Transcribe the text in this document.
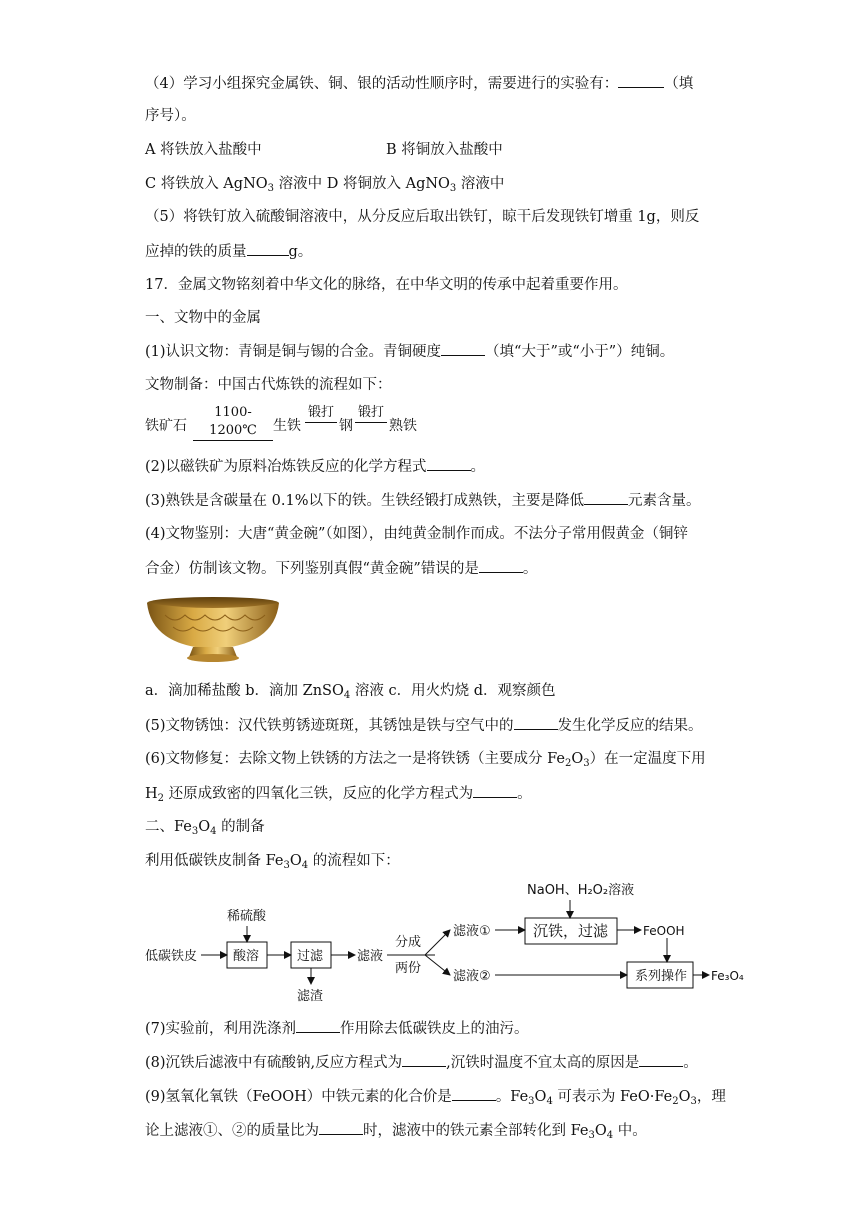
（4）学习小组探究金属铁、铜、银的活动性顺序时，需要进行的实验有：	（填
序号）。
A 将铁放入盐酸中	B 将铜放入盐酸中
C 将铁放入 AgNO$_3$ 溶液中 D 将铜放入 AgNO$_3$ 溶液中
（5）将铁钉放入硫酸铜溶液中，从分反应后取出铁钉，晾干后发现铁钉增重 1g，则反
应掉的铁的质量	g。
17．金属文物铭刻着中华文化的脉络，在中华文明的传承中起着重要作用。
一、文物中的金属
(1)认识文物：青铜是铜与锡的合金。青铜硬度	（填“大于”或“小于”）纯铜。
文物制备：中国古代炼铁的流程如下：
铁矿石
1100-1200℃	生铁
锻打
钢
锻打
熟铁
(2)以磁铁矿为原料冶炼铁反应的化学方程式	。
(3)熟铁是含碳量在 0.1%以下的铁。生铁经锻打成熟铁，主要是降低	元素含量。
(4)文物鉴别：大唐“黄金碗”（如图），由纯黄金制作而成。不法分子常用假黄金（铜锌
合金）仿制该文物。下列鉴别真假“黄金碗”错误的是	。
a．滴加稀盐酸 b．滴加 ZnSO$_4$ 溶液 c．用火灼烧 d．观察颜色
(5)文物锈蚀：汉代铁剪锈迹斑斑，其锈蚀是铁与空气中的	发生化学反应的结果。
(6)文物修复：去除文物上铁锈的方法之一是将铁锈（主要成分 $Fe_2O_3$）在一定温度下用
$H_2$ 还原成致密的四氧化三铁，反应的化学方程式为	。
二、$Fe_3O_4$ 的制备
利用低碳铁皮制备 $Fe_3O_4$ 的流程如下：
NaOH、H₂O₂溶液
稀硫酸
低碳铁皮	酸溶	过滤
滤渣
滤液
分成
两份
滤液①
滤液②
沉铁，过滤	FeOOH
系列操作 Fe₃O₄
(7)实验前，利用洗涤剂	作用除去低碳铁皮上的油污。
(8)沉铁后滤液中有硫酸钠,反应方程式为	,沉铁时温度不宜太高的原因是	。
(9)氢氧化氧铁（FeOOH）中铁元素的化合价是	。$Fe_3O_4$ 可表示为 $FeO\cdot Fe_2O_3$，理
论上滤液①、②的质量比为	时，滤液中的铁元素全部转化到 $Fe_3O_4$ 中。
